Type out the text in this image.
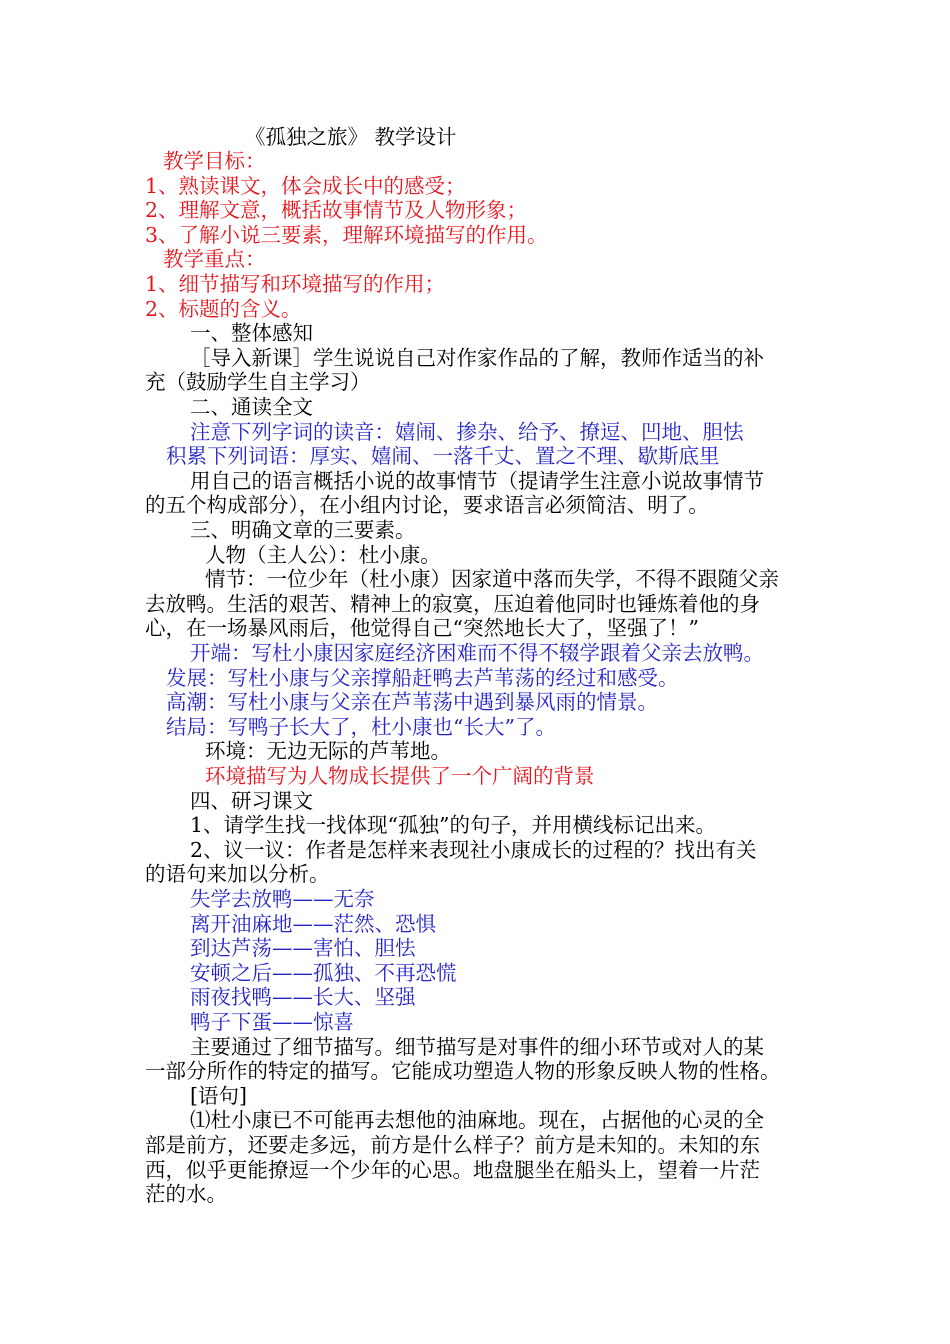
《孤独之旅》 教学设计
教学目标：
1、熟读课文，体会成长中的感受；
2、理解文意，概括故事情节及人物形象；
3、了解小说三要素，理解环境描写的作用。
教学重点：
1、细节描写和环境描写的作用；
2、标题的含义。
一、整体感知
［导入新课］学生说说自己对作家作品的了解，教师作适当的补
充（鼓励学生自主学习）
二、通读全文
注意下列字词的读音：嬉闹、掺杂、给予、撩逗、凹地、胆怯
积累下列词语：厚实、嬉闹、一落千丈、置之不理、歇斯底里
用自己的语言概括小说的故事情节（提请学生注意小说故事情节
的五个构成部分），在小组内讨论，要求语言必须简洁、明了。
三、明确文章的三要素。
人物（主人公）：杜小康。
情节：一位少年（杜小康）因家道中落而失学，不得不跟随父亲
去放鸭。生活的艰苦、精神上的寂寞，压迫着他同时也锤炼着他的身
心，在一场暴风雨后，他觉得自己“突然地长大了，坚强了！”
开端：写杜小康因家庭经济困难而不得不辍学跟着父亲去放鸭。
发展：写杜小康与父亲撑船赶鸭去芦苇荡的经过和感受。
高潮：写杜小康与父亲在芦苇荡中遇到暴风雨的情景。
结局：写鸭子长大了，杜小康也“长大”了。
环境：无边无际的芦苇地。
环境描写为人物成长提供了一个广阔的背景
四、研习课文
1、请学生找一找体现“孤独”的句子，并用横线标记出来。
2、议一议：作者是怎样来表现社小康成长的过程的？找出有关
的语句来加以分析。
失学去放鸭——无奈
离开油麻地——茫然、恐惧
到达芦荡——害怕、胆怯
安顿之后——孤独、不再恐慌
雨夜找鸭——长大、坚强
鸭子下蛋——惊喜
主要通过了细节描写。细节描写是对事件的细小环节或对人的某
一部分所作的特定的描写。它能成功塑造人物的形象反映人物的性格。
[语句]
⑴杜小康已不可能再去想他的油麻地。现在，占据他的心灵的全
部是前方，还要走多远，前方是什么样子？前方是未知的。未知的东
西，似乎更能撩逗一个少年的心思。地盘腿坐在船头上，望着一片茫
茫的水。
